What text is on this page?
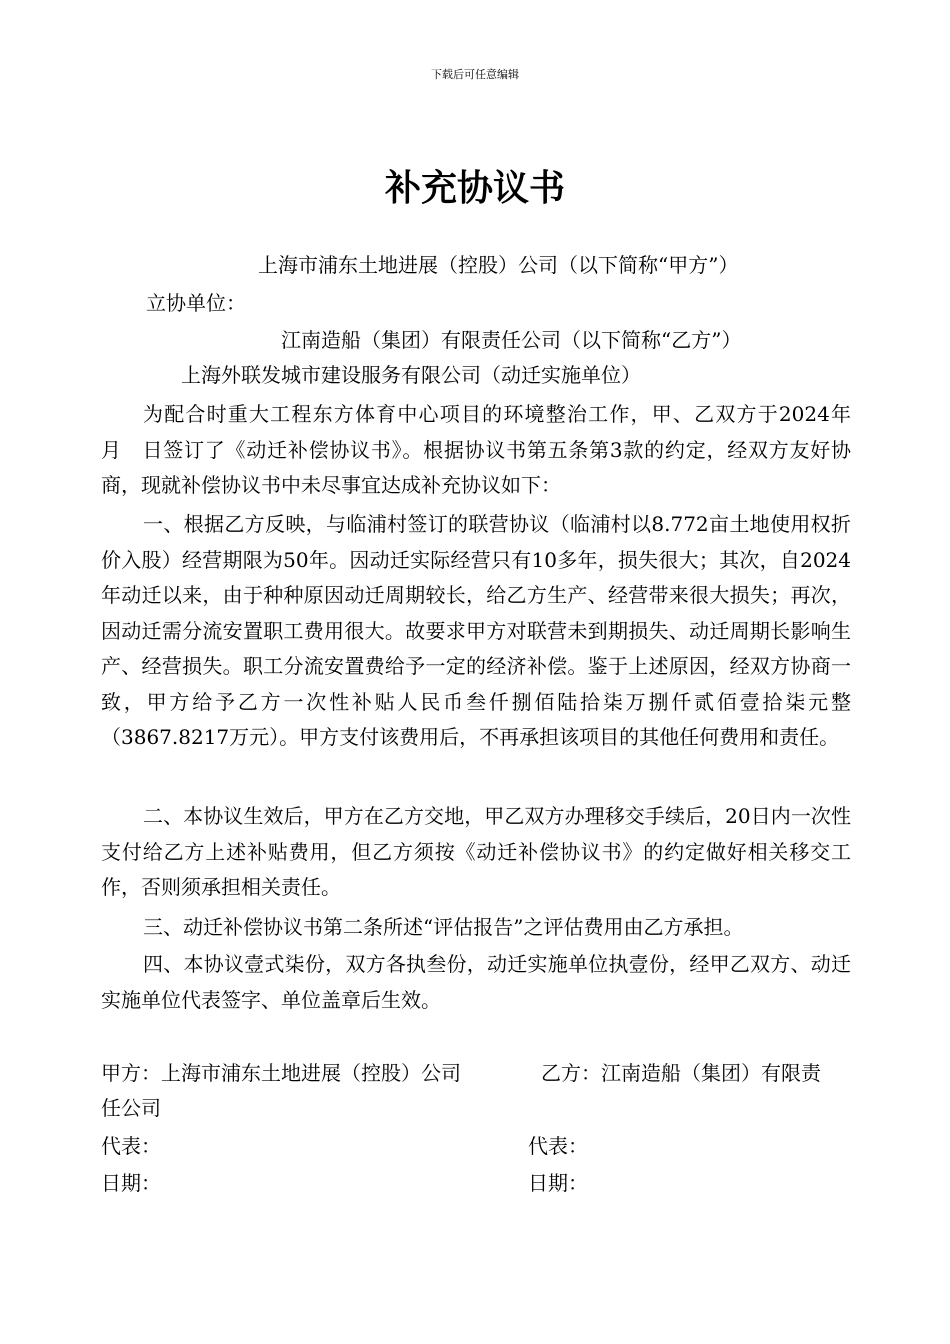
下载后可任意编辑
补充协议书
上海市浦东土地进展（控股）公司（以下简称“甲方”）
立协单位：
江南造船（集团）有限责任公司（以下简称“乙方”）
上海外联发城市建设服务有限公司（动迁实施单位）

为配合时重大工程东方体育中心项目的环境整治工作，甲、乙双方于2024年　月　日签订了《动迁补偿协议书》。根据协议书第五条第3款的约定，经双方友好协商，现就补偿协议书中未尽事宜达成补充协议如下：

一、根据乙方反映，与临浦村签订的联营协议（临浦村以8.772亩土地使用权折价入股）经营期限为50年。因动迁实际经营只有10多年，损失很大；其次，自2024年动迁以来，由于种种原因动迁周期较长，给乙方生产、经营带来很大损失；再次，因动迁需分流安置职工费用很大。故要求甲方对联营未到期损失、动迁周期长影响生产、经营损失。职工分流安置费给予一定的经济补偿。鉴于上述原因，经双方协商一致，甲方给予乙方一次性补贴人民币叁仟捌佰陆拾柒万捌仟贰佰壹拾柒元整（3867.8217万元）。甲方支付该费用后，不再承担该项目的其他任何费用和责任。

二、本协议生效后，甲方在乙方交地，甲乙双方办理移交手续后，20日内一次性支付给乙方上述补贴费用，但乙方须按《动迁补偿协议书》的约定做好相关移交工作，否则须承担相关责任。

三、动迁补偿协议书第二条所述“评估报告”之评估费用由乙方承担。

四、本协议壹式柒份，双方各执叁份，动迁实施单位执壹份，经甲乙双方、动迁实施单位代表签字、单位盖章后生效。

甲方：上海市浦东土地进展（控股）公司	乙方：江南造船（集团）有限责
任公司
代表：	代表：
日期：	日期：
